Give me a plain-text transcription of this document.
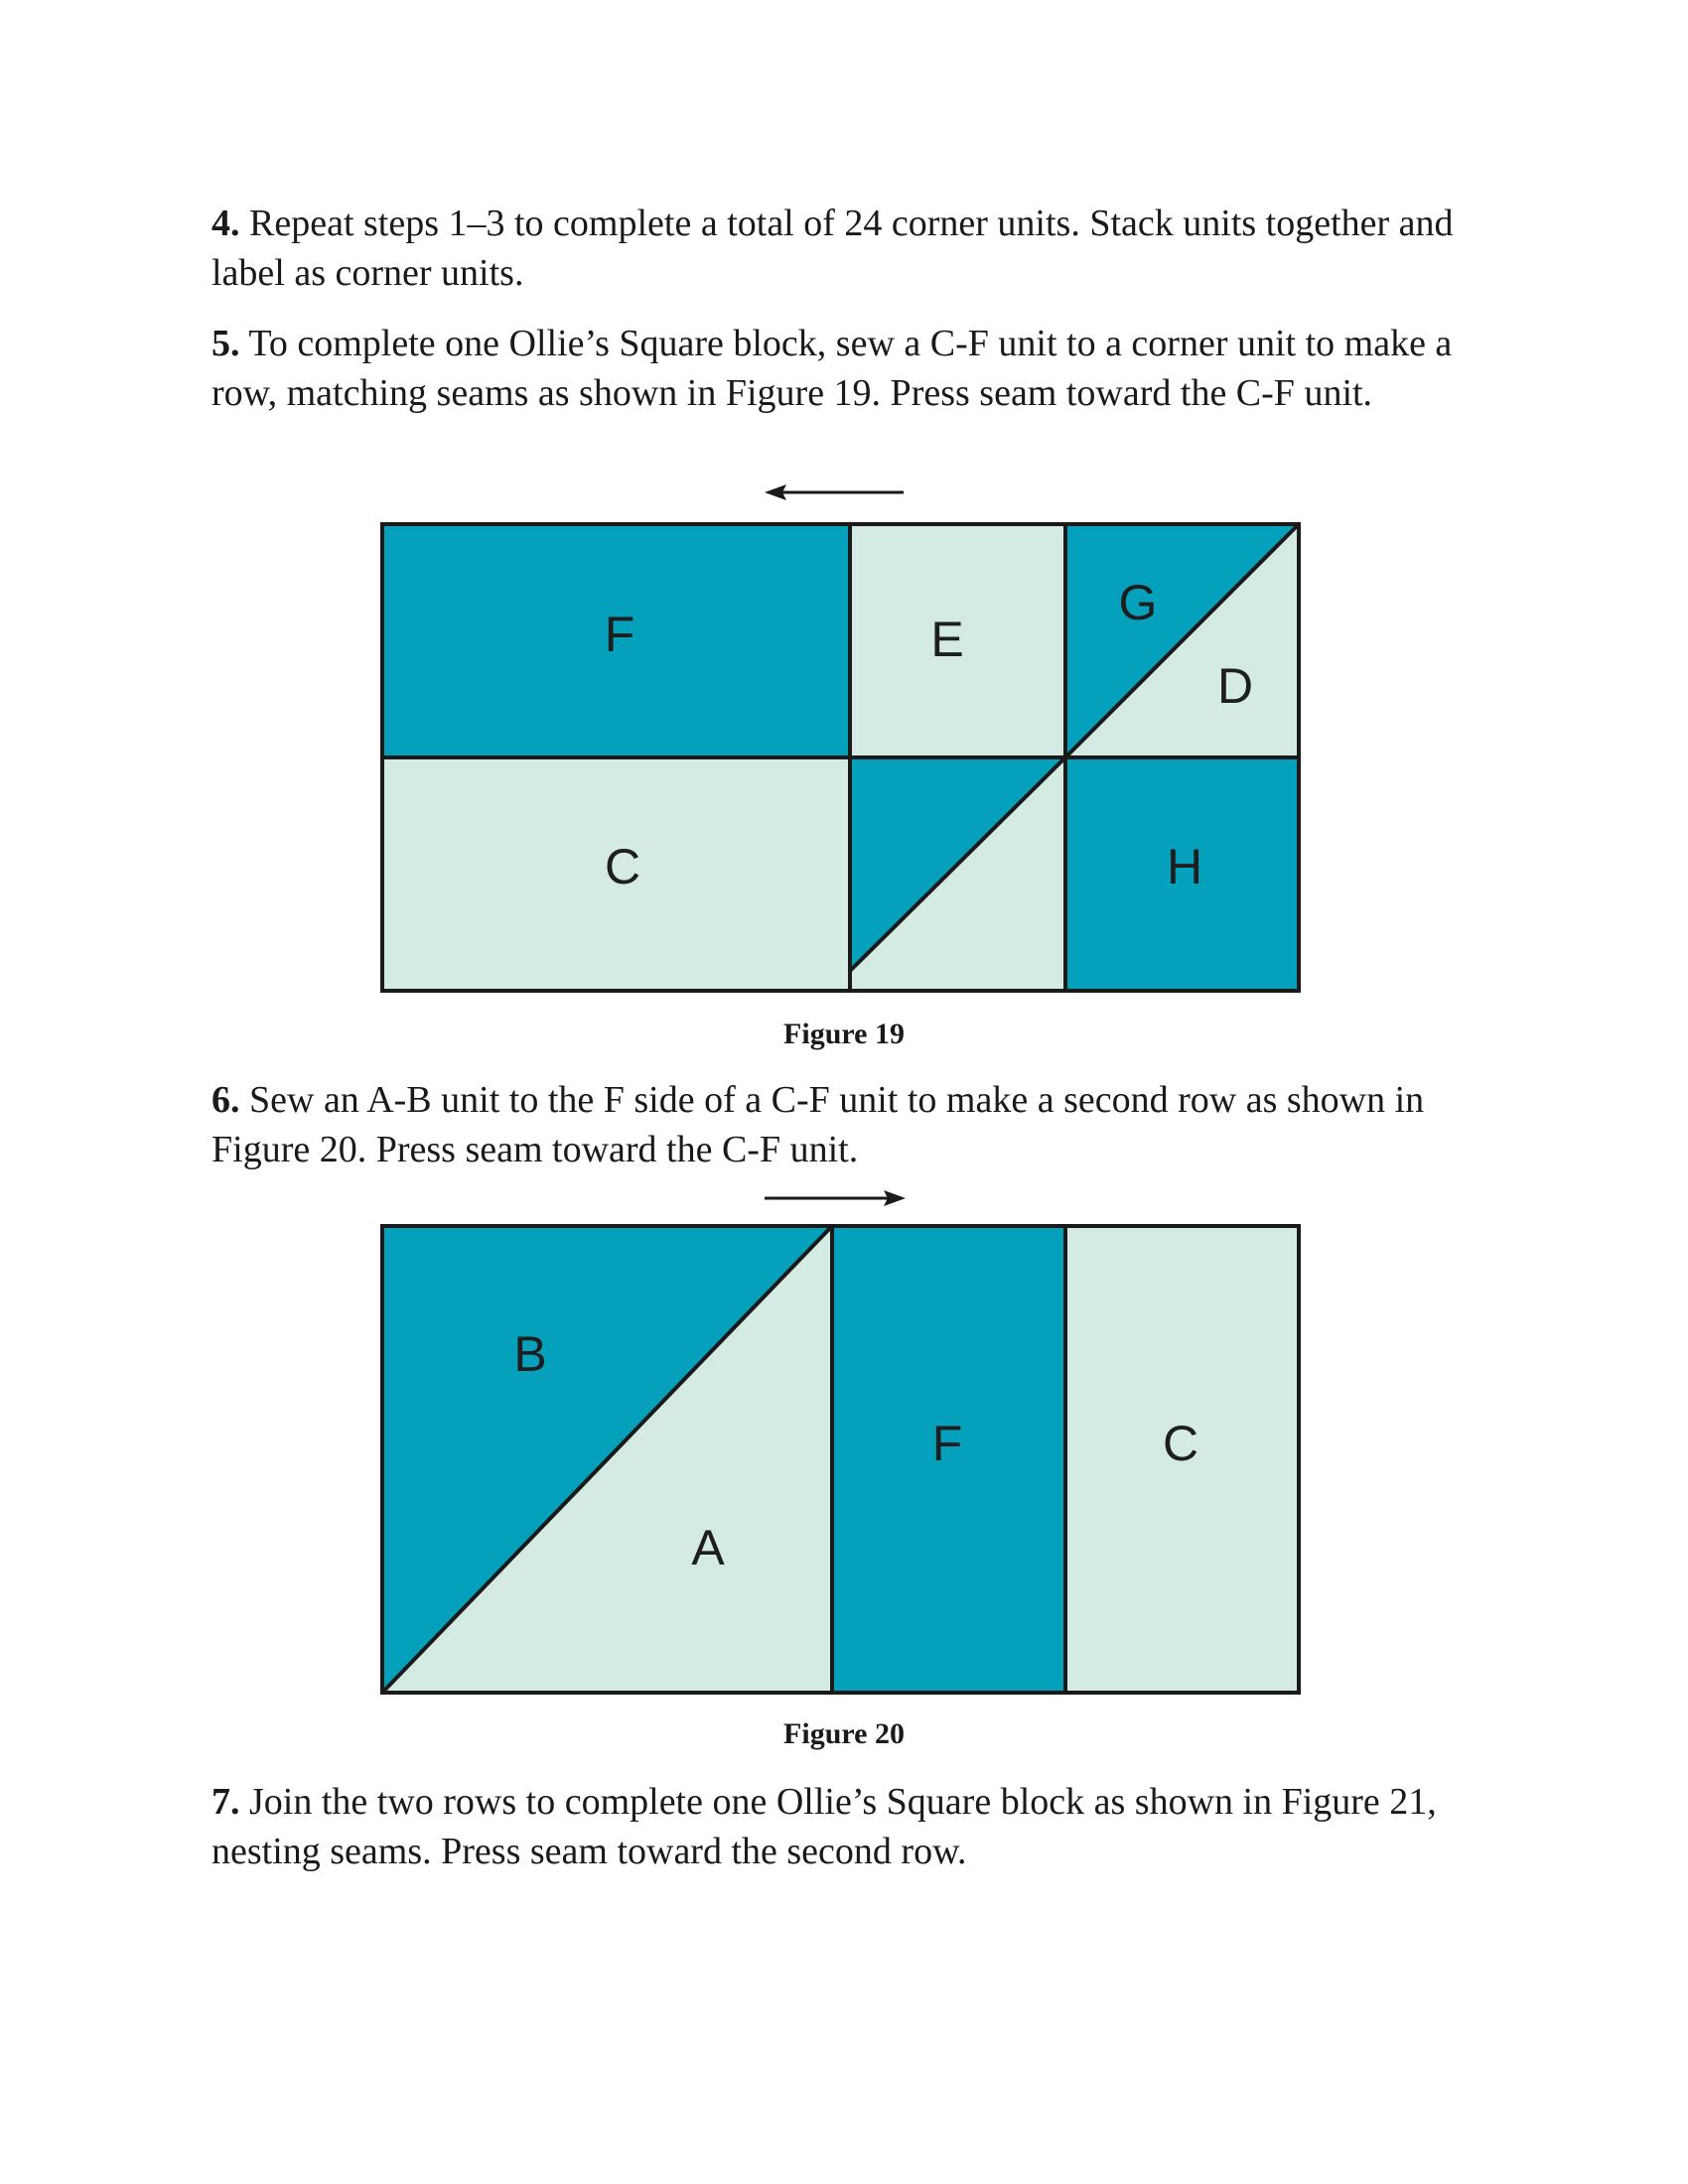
4. Repeat steps 1–3 to complete a total of 24 corner units. Stack units together and label as corner units.

5. To complete one Ollie’s Square block, sew a C-F unit to a corner unit to make a row, matching seams as shown in Figure 19. Press seam toward the C-F unit.

F	E
G
D
C	H
Figure 19

6. Sew an A-B unit to the F side of a C-F unit to make a second row as shown in Figure 20. Press seam toward the C-F unit.

B
A
F	C
Figure 20

7. Join the two rows to complete one Ollie’s Square block as shown in Figure 21, nesting seams. Press seam toward the second row.
